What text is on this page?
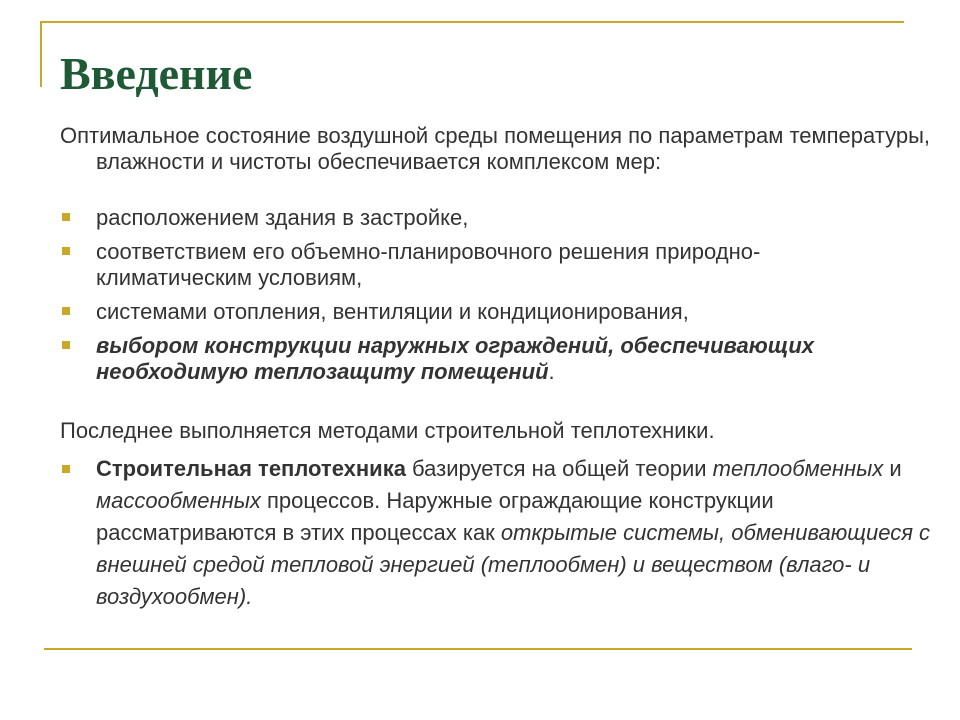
Введение
Оптимальное состояние воздушной среды помещения по параметрам температуры, влажности и чистоты обеспечивается комплексом мер:
расположением здания в застройке,
соответствием его объемно-планировочного решения природно-климатическим условиям,
системами отопления, вентиляции и кондиционирования,
выбором конструкции наружных ограждений, обеспечивающих необходимую теплозащиту помещений.
Последнее выполняется методами строительной теплотехники.

Строительная теплотехника базируется на общей теории теплообменных и массообменных процессов. Наружные ограждающие конструкции рассматриваются в этих процессах как открытые системы, обменивающиеся с внешней средой тепловой энергией (теплообмен) и веществом (влаго- и воздухообмен).
